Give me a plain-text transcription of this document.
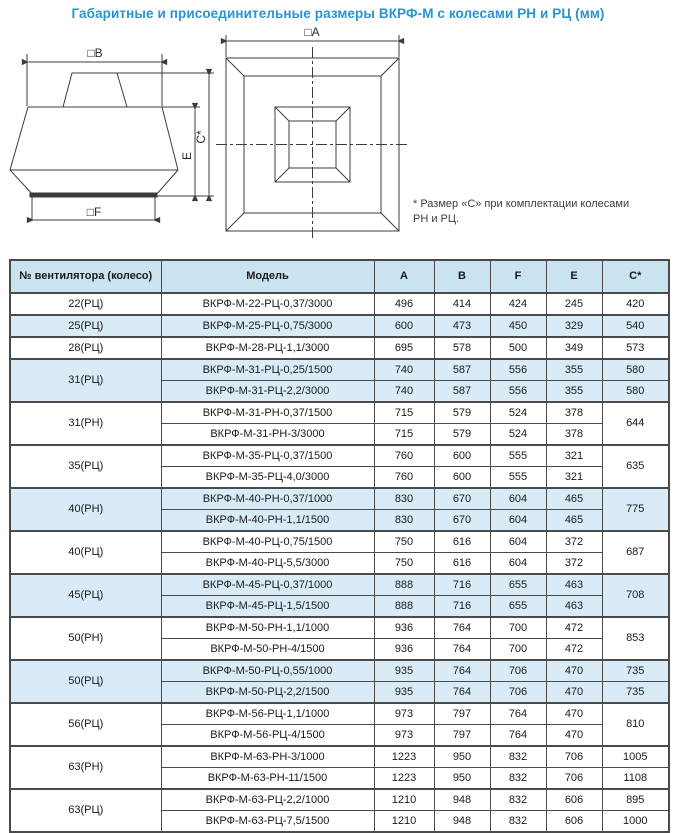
Габаритные и присоединительные размеры ВКРФ-М с колесами РН и РЦ (мм)
□B
□F
E
C*
□A
* Размер «С» при комплектации колесами
РН и РЦ.
№ вентилятора (колесо)	Модель	A	B	F	E	C*
22(РЦ)	ВКРФ-М-22-РЦ-0,37/3000	496	414	424	245	420
25(РЦ)	ВКРФ-М-25-РЦ-0,75/3000	600	473	450	329	540
28(РЦ)	ВКРФ-М-28-РЦ-1,1/3000	695	578	500	349	573
31(РЦ)	ВКРФ-М-31-РЦ-0,25/1500	740	587	556	355	580
	ВКРФ-М-31-РЦ-2,2/3000	740	587	556	355	580
31(РН)	ВКРФ-М-31-РН-0,37/1500	715	579	524	378	644
	ВКРФ-М-31-РН-3/3000	715	579	524	378	
35(РЦ)	ВКРФ-М-35-РЦ-0,37/1500	760	600	555	321	635
	ВКРФ-М-35-РЦ-4,0/3000	760	600	555	321	
40(РН)	ВКРФ-М-40-РН-0,37/1000	830	670	604	465	775
	ВКРФ-М-40-РН-1,1/1500	830	670	604	465	
40(РЦ)	ВКРФ-М-40-РЦ-0,75/1500	750	616	604	372	687
	ВКРФ-М-40-РЦ-5,5/3000	750	616	604	372	
45(РЦ)	ВКРФ-М-45-РЦ-0,37/1000	888	716	655	463	708
	ВКРФ-М-45-РЦ-1,5/1500	888	716	655	463	
50(РН)	ВКРФ-М-50-РН-1,1/1000	936	764	700	472	853
	ВКРФ-М-50-РН-4/1500	936	764	700	472	
50(РЦ)	ВКРФ-М-50-РЦ-0,55/1000	935	764	706	470	735
	ВКРФ-М-50-РЦ-2,2/1500	935	764	706	470	735
56(РЦ)	ВКРФ-М-56-РЦ-1,1/1000	973	797	764	470	810
	ВКРФ-М-56-РЦ-4/1500	973	797	764	470	
63(РН)	ВКРФ-М-63-РН-3/1000	1223	950	832	706	1005
	ВКРФ-М-63-РН-11/1500	1223	950	832	706	1108
63(РЦ)	ВКРФ-М-63-РЦ-2,2/1000	1210	948	832	606	895
	ВКРФ-М-63-РЦ-7,5/1500	1210	948	832	606	1000
